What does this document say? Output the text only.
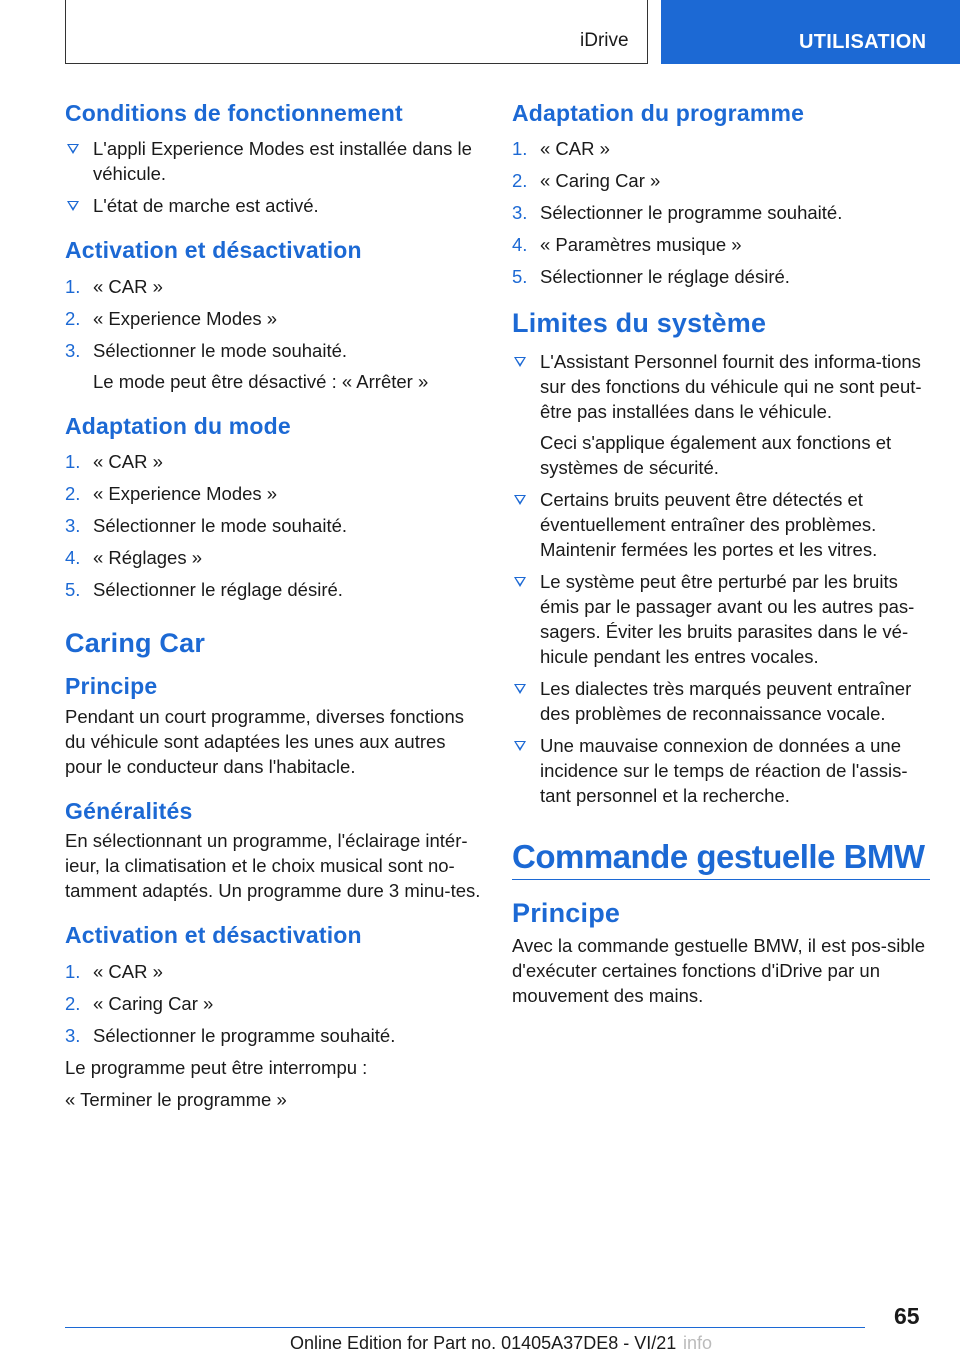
iDrive	UTILISATION
Conditions de fonctionnement
L'appli Experience Modes est installée dans le véhicule.
L'état de marche est activé.
Activation et désactivation
1. « CAR »
2. « Experience Modes »
3. Sélectionner le mode souhaité.
Le mode peut être désactivé : « Arrêter »
Adaptation du mode
1. « CAR »
2. « Experience Modes »
3. Sélectionner le mode souhaité.
4. « Réglages »
5. Sélectionner le réglage désiré.
Caring Car
Principe

Pendant un court programme, diverses fonctions du véhicule sont adaptées les unes aux autres pour le conducteur dans l'habitacle.

Généralités

En sélectionnant un programme, l'éclairage intér-ieur, la climatisation et le choix musical sont no-tamment adaptés. Un programme dure 3 minu-tes.

Activation et désactivation
1. « CAR »
2. « Caring Car »
3. Sélectionner le programme souhaité.

Le programme peut être interrompu :

« Terminer le programme »

Adaptation du programme
1. « CAR »
2. « Caring Car »
3. Sélectionner le programme souhaité.
4. « Paramètres musique »
5. Sélectionner le réglage désiré.
Limites du système
L'Assistant Personnel fournit des informa-tions sur des fonctions du véhicule qui ne sont peut-être pas installées dans le véhicule.
Ceci s'applique également aux fonctions et systèmes de sécurité.
Certains bruits peuvent être détectés et éventuellement entraîner des problèmes. Maintenir fermées les portes et les vitres.
Le système peut être perturbé par les bruits émis par le passager avant ou les autres pas-sagers. Éviter les bruits parasites dans le vé-hicule pendant les entres vocales.
Les dialectes très marqués peuvent entraîner des problèmes de reconnaissance vocale.
Une mauvaise connexion de données a une incidence sur le temps de réaction de l'assis-tant personnel et la recherche.
Commande gestuelle BMW
Principe

Avec la commande gestuelle BMW, il est pos-sible d'exécuter certaines fonctions d'iDrive par un mouvement des mains.

65
Online Edition for Part no. 01405A37DE8 - VI/21 info
